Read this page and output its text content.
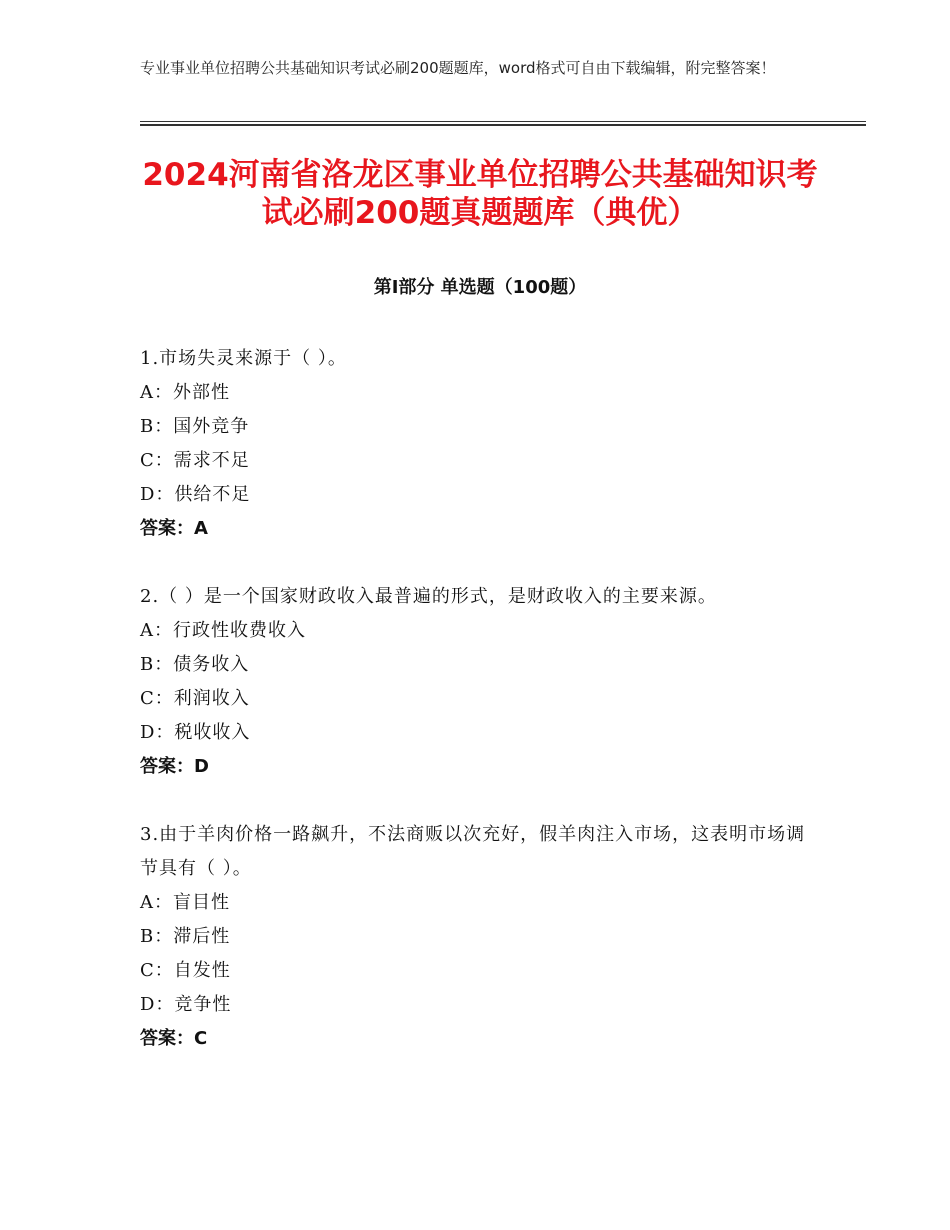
专业事业单位招聘公共基础知识考试必刷200题题库，word格式可自由下载编辑，附完整答案！
2024河南省洛龙区事业单位招聘公共基础知识考试必刷200题真题题库（典优）
第Ⅰ部分 单选题（100题）
1.市场失灵来源于（ ）。
A：外部性
B：国外竞争
C：需求不足
D：供给不足
答案：A
2.（ ）是一个国家财政收入最普遍的形式，是财政收入的主要来源。
A：行政性收费收入
B：债务收入
C：利润收入
D：税收收入
答案：D
3.由于羊肉价格一路飙升，不法商贩以次充好，假羊肉注入市场，这表明市场调节具有（ ）。
A：盲目性
B：滞后性
C：自发性
D：竞争性
答案：C
